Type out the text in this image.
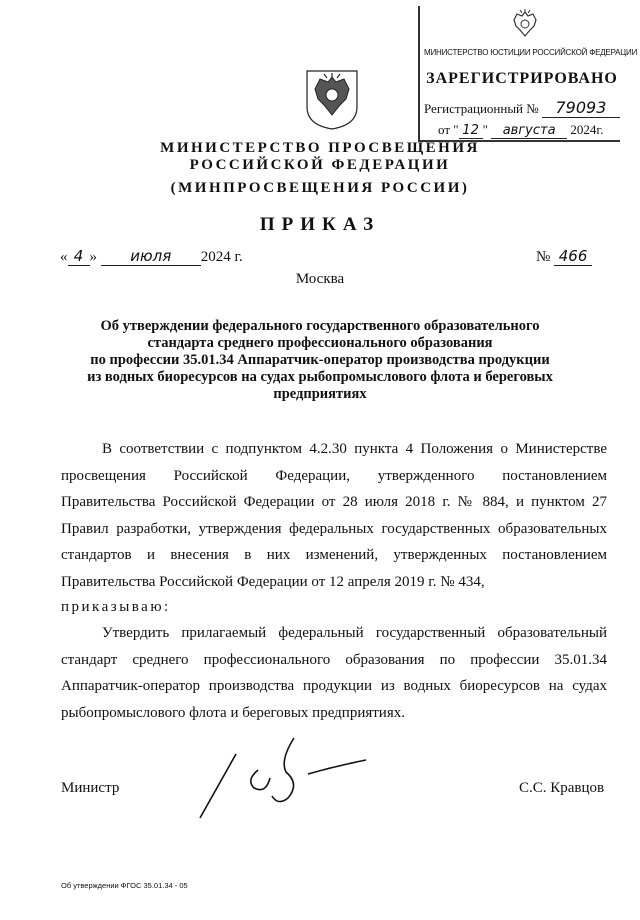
МИНИСТЕРСТВО ЮСТИЦИИ РОССИЙСКОЙ ФЕДЕРАЦИИ
ЗАРЕГИСТРИРОВАНО
Регистрационный № 79093
от " 12 " августа 2024г.
МИНИСТЕРСТВО ПРОСВЕЩЕНИЯ
РОССИЙСКОЙ ФЕДЕРАЦИИ
(МИНПРОСВЕЩЕНИЯ РОССИИ)
ПРИКАЗ
« 4 » июля 2024 г.	№ 466
Москва
Об утверждении федерального государственного образовательного
стандарта среднего профессионального образования
по профессии 35.01.34 Аппаратчик-оператор производства продукции
из водных биоресурсов на судах рыбопромыслового флота и береговых
предприятиях
В соответствии с подпунктом 4.2.30 пункта 4 Положения о Министерстве просвещения Российской Федерации, утвержденного постановлением Правительства Российской Федерации от 28 июля 2018 г. № 884, и пунктом 27 Правил разработки, утверждения федеральных государственных образовательных стандартов и внесения в них изменений, утвержденных постановлением Правительства Российской Федерации от 12 апреля 2019 г. № 434,
приказываю:
Утвердить прилагаемый федеральный государственный образовательный стандарт среднего профессионального образования по профессии 35.01.34 Аппаратчик-оператор производства продукции из водных биоресурсов на судах рыбопромыслового флота и береговых предприятиях.
Министр	С.С. Кравцов
Об утверждении ФГОС 35.01.34 - 05
